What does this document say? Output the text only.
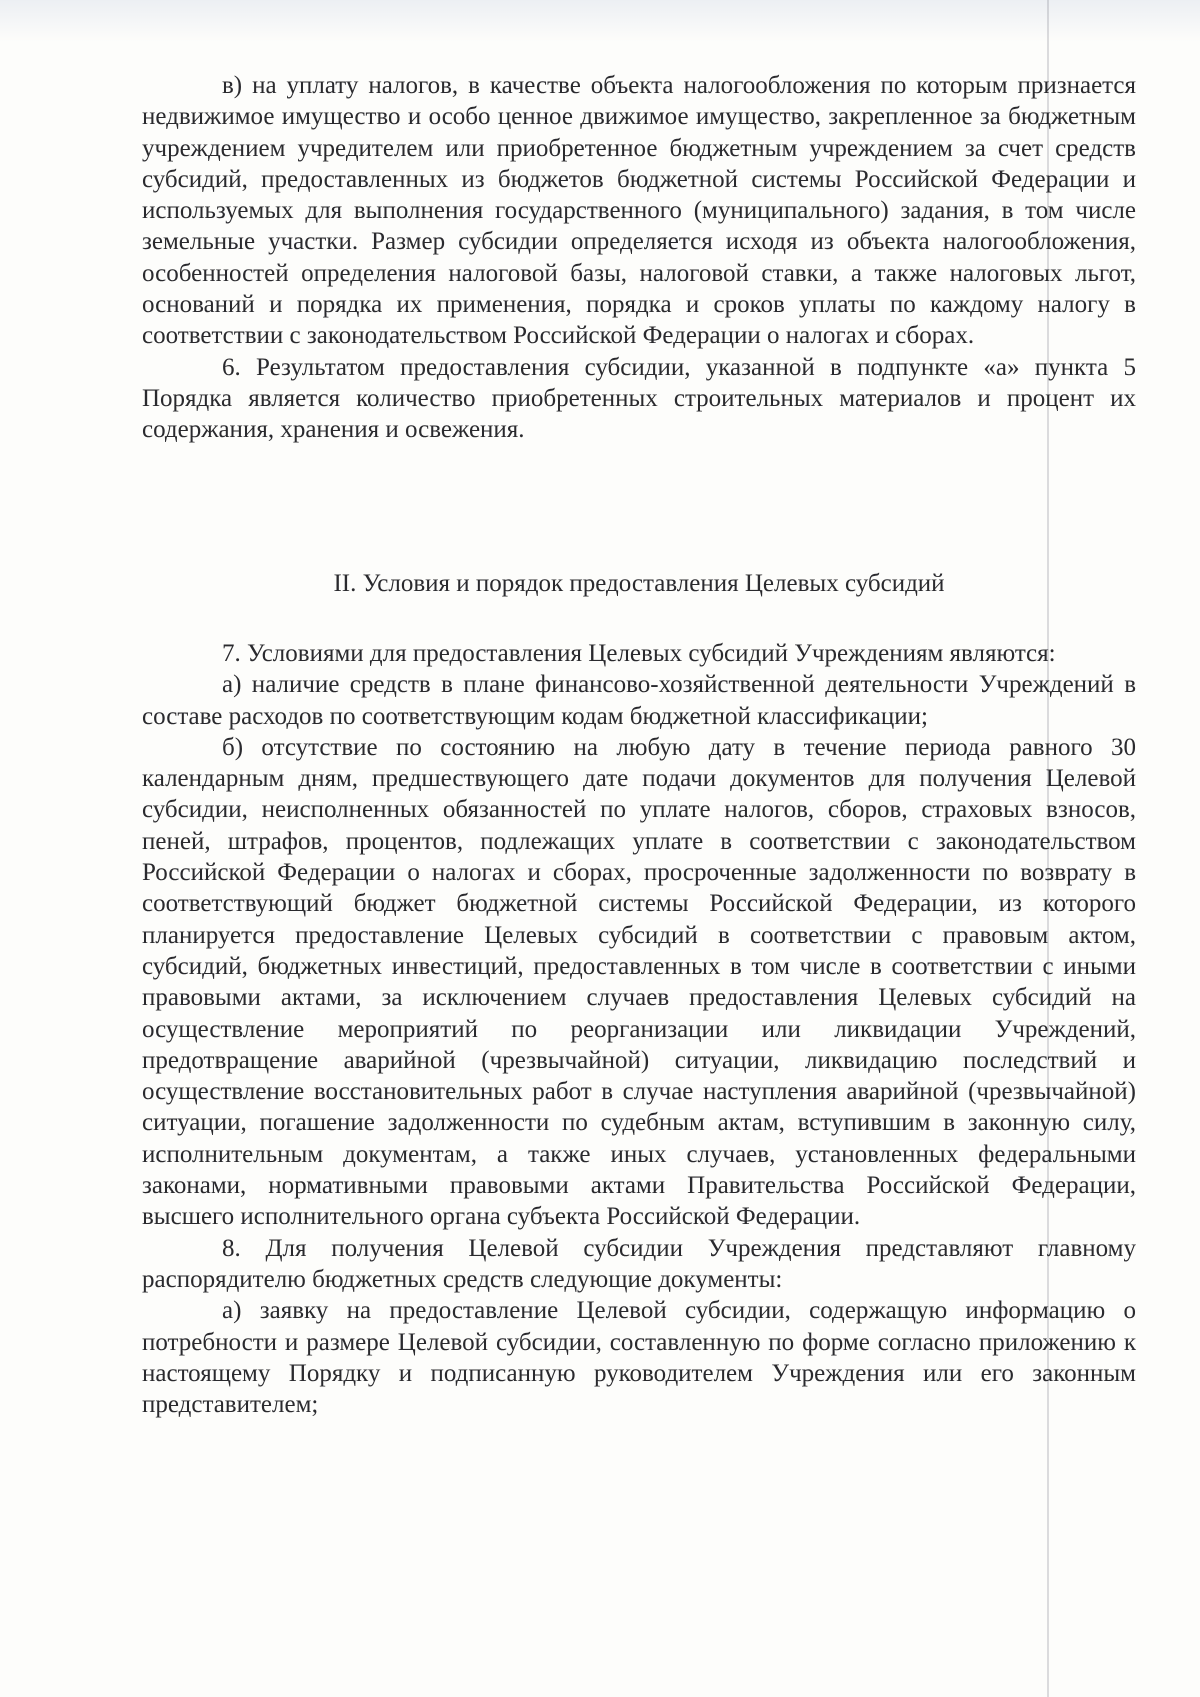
в) на уплату налогов, в качестве объекта налогообложения по которым признается недвижимое имущество и особо ценное движимое имущество, закрепленное за бюджетным учреждением учредителем или приобретенное бюджетным учреждением за счет средств субсидий, предоставленных из бюджетов бюджетной системы Российской Федерации и используемых для выполнения государственного (муниципального) задания, в том числе земельные участки. Размер субсидии определяется исходя из объекта налогообложения, особенностей определения налоговой базы, налоговой ставки, а также налоговых льгот, оснований и порядка их применения, порядка и сроков уплаты по каждому налогу в соответствии с законодательством Российской Федерации о налогах и сборах.

6. Результатом предоставления субсидии, указанной в подпункте «а» пункта 5 Порядка является количество приобретенных строительных материалов и процент их содержания, хранения и освежения.

II. Условия и порядок предоставления Целевых субсидий

7. Условиями для предоставления Целевых субсидий Учреждениям являются:

а) наличие средств в плане финансово-хозяйственной деятельности Учреждений в составе расходов по соответствующим кодам бюджетной классификации;

б) отсутствие по состоянию на любую дату в течение периода равного 30 календарным дням, предшествующего дате подачи документов для получения Целевой субсидии, неисполненных обязанностей по уплате налогов, сборов, страховых взносов, пеней, штрафов, процентов, подлежащих уплате в соответствии с законодательством Российской Федерации о налогах и сборах, просроченные задолженности по возврату в соответствующий бюджет бюджетной системы Российской Федерации, из которого планируется предоставление Целевых субсидий в соответствии с правовым актом, субсидий, бюджетных инвестиций, предоставленных в том числе в соответствии с иными правовыми актами, за исключением случаев предоставления Целевых субсидий на осуществление мероприятий по реорганизации или ликвидации Учреждений, предотвращение аварийной (чрезвычайной) ситуации, ликвидацию последствий и осуществление восстановительных работ в случае наступления аварийной (чрезвычайной) ситуации, погашение задолженности по судебным актам, вступившим в законную силу, исполнительным документам, а также иных случаев, установленных федеральными законами, нормативными правовыми актами Правительства Российской Федерации, высшего исполнительного органа субъекта Российской Федерации.

8. Для получения Целевой субсидии Учреждения представляют главному распорядителю бюджетных средств следующие документы:

а) заявку на предоставление Целевой субсидии, содержащую информацию о потребности и размере Целевой субсидии, составленную по форме согласно приложению к настоящему Порядку и подписанную руководителем Учреждения или его законным представителем;
